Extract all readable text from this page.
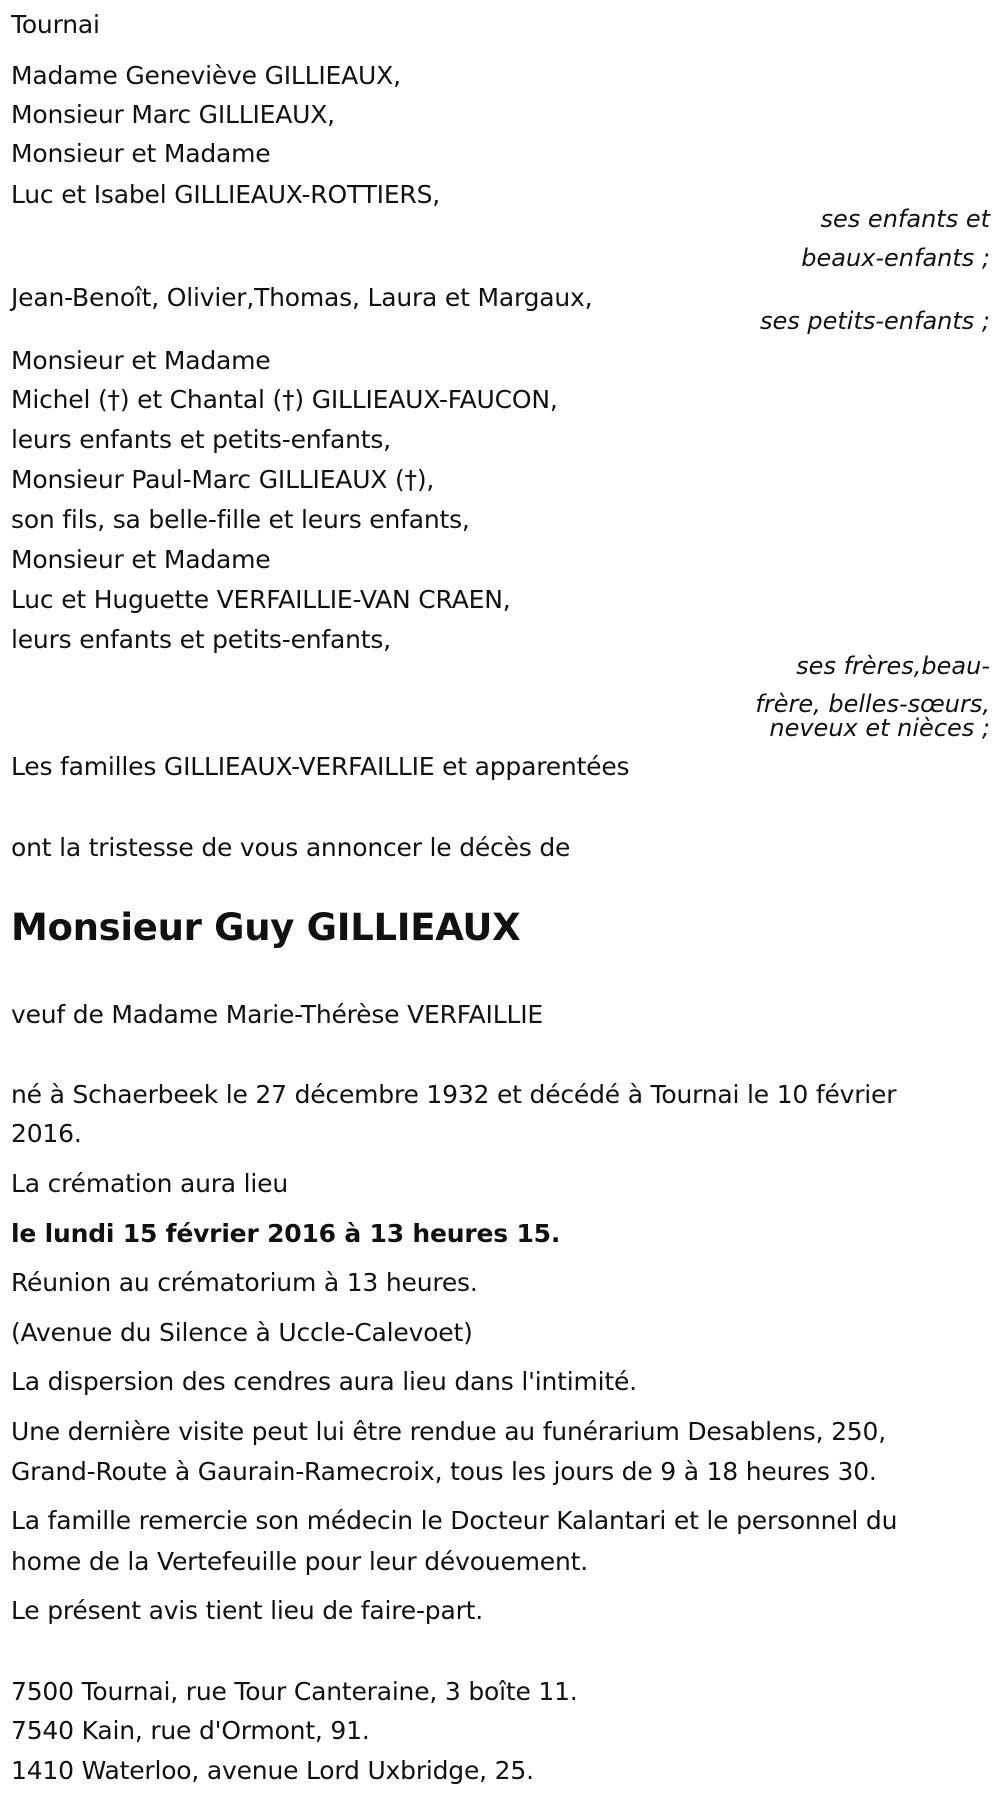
Tournai
Madame Geneviève GILLIEAUX,
Monsieur Marc GILLIEAUX,
Monsieur et Madame
Luc et Isabel GILLIEAUX-ROTTIERS,
ses enfants et
beaux-enfants ;
Jean-Benoît, Olivier,Thomas, Laura et Margaux,
ses petits-enfants ;
Monsieur et Madame
Michel (†) et Chantal (†) GILLIEAUX-FAUCON,
leurs enfants et petits-enfants,
Monsieur Paul-Marc GILLIEAUX (†),
son fils, sa belle-fille et leurs enfants,
Monsieur et Madame
Luc et Huguette VERFAILLIE-VAN CRAEN,
leurs enfants et petits-enfants,
ses frères,beau-
frère, belles-sœurs,
neveux et nièces ;
Les familles GILLIEAUX-VERFAILLIE et apparentées
ont la tristesse de vous annoncer le décès de
Monsieur Guy GILLIEAUX
veuf de Madame Marie-Thérèse VERFAILLIE
né à Schaerbeek le 27 décembre 1932 et décédé à Tournai le 10 février
2016.
La crémation aura lieu
le lundi 15 février 2016 à 13 heures 15.
Réunion au crématorium à 13 heures.
(Avenue du Silence à Uccle-Calevoet)
La dispersion des cendres aura lieu dans l'intimité.
Une dernière visite peut lui être rendue au funérarium Desablens, 250,
Grand-Route à Gaurain-Ramecroix, tous les jours de 9 à 18 heures 30.
La famille remercie son médecin le Docteur Kalantari et le personnel du
home de la Vertefeuille pour leur dévouement.
Le présent avis tient lieu de faire-part.
7500 Tournai, rue Tour Canteraine, 3 boîte 11.
7540 Kain, rue d'Ormont, 91.
1410 Waterloo, avenue Lord Uxbridge, 25.
